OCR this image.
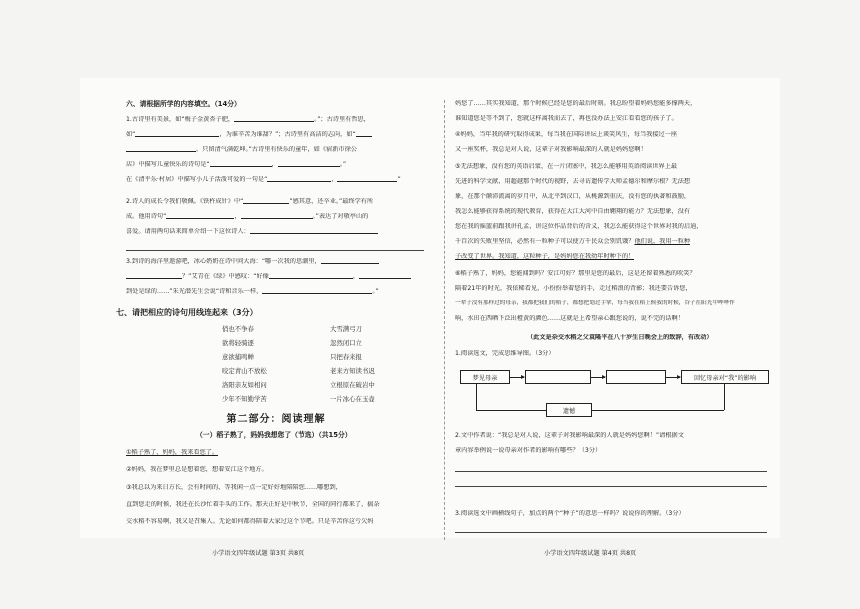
六、请根据所学的内容填空。（14分）
1.古诗里有美景，如“梅子金黄杏子肥，	。”；古诗里有哲思，
如“	，为谁辛苦为谁甜？”；古诗里有高洁的志向，如“
，只留清气满乾坤。”古诗里有快乐的童年，如《宿新市徐公
店》中描写儿童快乐的诗句是“	，	。”
在《清平乐·村居》中描写小儿子活泼可爱的一句是“	，	”
2.诗人的成长令我们敬佩。《铁杵成针》中“	”感其意，还卒业。”最终学有所
成。他用诗句“	，	。”表达了对敬亭山的
喜爱。请用两句话来简单介绍一下这位诗人：
3.到诗的海洋里遨游吧，冰心奶奶在诗中问大海：“哪一次我的思潮里，
？”艾青在《绿》中感叹：“好像	，
到处是绿的……”朱光潜先生会说“诗和音乐一样，	。”
七、请把相应的诗句用线连起来（3分）
俏也不争春
欲将轻骑逐
意欲捕鸣蝉
咬定青山不放松
洛阳亲友如相问
少年不知勤学苦
大雪满弓刀
忽然闭口立
只把春来报
老来方知读书迟
立根原在破岩中
一片冰心在玉壶
第二部分：阅读理解
（一）稻子熟了，妈妈我想您了（节选）（共15分）
①稻子熟了，妈妈，我来看您了。
②妈妈，我在梦里总是想着您，想着安江这个地方。
③我总以为来日方长，会有时间的，等我闲一点一定好好地陪陪您……哪想到，
直到您走的时候，我还在长沙忙着手头的工作。那天正好是中秋节，全国的同行都来了，搞杂
交水稻不容易啊，我又是召集人。无论如何都得陪着大家过这个节吧。只是辛苦你这亏欠妈
小学语文四年级试题 第3页 共8页
妈您了……其实我知道，那个时候已经是您的最后时刻。我总盼望着妈妈您能多撑两天，
谁知道您是等不到了，您就这样离我而去了，再也没办法上安江看看您的孩子了。
④妈妈，当年我的研究取得成果，每当我在国际讲坛上谈笑风生，每当我接过一座
又一座奖杯，我总是对人说，这辈子对我影响最深的人就是妈妈您啊！
⑤无法想象，没有您的英语启蒙，在一片闭塞中，我怎么能够用英语阅读世界上最
先进的科学文献，用超越那个时代的视野，去寻访遗传学大师孟德尔和摩尔根？无法想
象，在那个颠沛流离的岁月中，从北平到汉口，从桃源到重庆，没有您的执著和鼓励，
我怎么能够获得系统的现代教育，获得在大江大河中自由翱翔的能力？无法想象，没有
您在我的摇篮前跟我讲孔孟，讲这位作品背后的含义，我怎么能获得这个世界对我的启迪，
千百次的失败里坚信，必然有一粒种子可以使万千民众会别饥饿？他们说，我用一粒种
子改变了世界。我知道，这粒种子，是妈妈您在我幼年时种下的！
⑥稻子熟了，妈妈，您能闻到吗？安江可好？那里是您的最后，这是还留着熟悉的吹笑？
隔着21年的时光，我依稀看见，小扮扮举着您的手，走过稻浪的背影；我还要告诉您，
一辈子没有那样过的母亲，我都把我们的稻子，都想把划过手掌，每当我在稻上候我的时候，谷子在阳光中哗哗作
响，水田在西晒下泛出橙黄的颜色……这就是上希望亲心跟您说的，说不完的话啊！
（此文是杂交水稻之父袁隆平在八十岁生日晚会上的致辞，有改动）
1.阅读选文，完成思维导图。（3分）
梦见母亲	回忆母亲对“我”的影响
遗憾
2.文中作者说：“我总是对人说，这辈子对我影响最深的人就是妈妈您啊！”请根据文
章内容举例说一说母亲对作者的影响有哪些？（3分）
3.阅读选文中画横线句子，加点的两个“种子”的意思一样吗？说说你的理解。（3分）
小学语文四年级试题 第4页 共8页
